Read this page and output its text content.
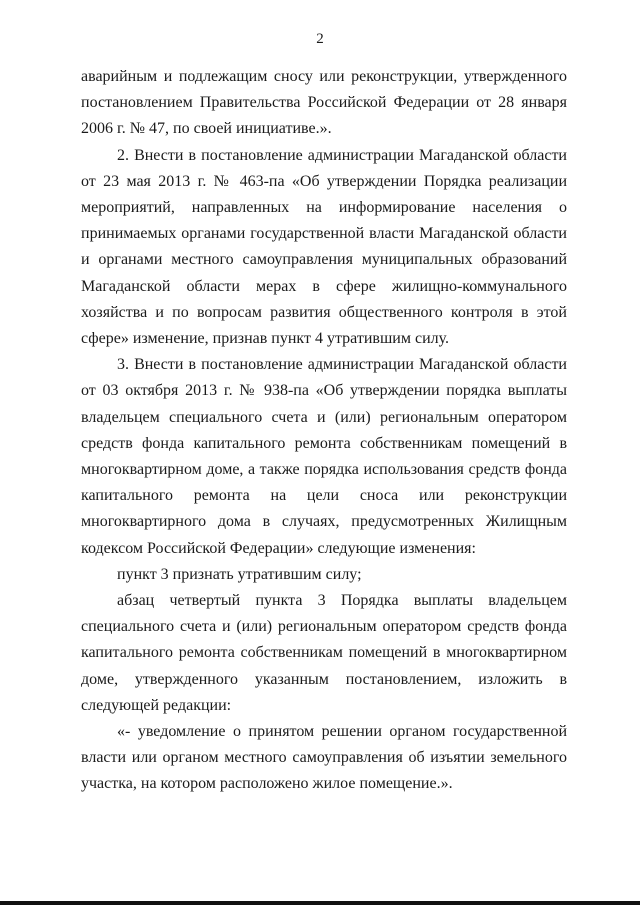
2

аварийным и подлежащим сносу или реконструкции, утвержденного постановлением Правительства Российской Федерации от 28 января 2006 г. № 47, по своей инициативе.».

2. Внести в постановление администрации Магаданской области от 23 мая 2013 г. № 463-па «Об утверждении Порядка реализации мероприятий, направленных на информирование населения о принимаемых органами государственной власти Магаданской области и органами местного самоуправления муниципальных образований Магаданской области мерах в сфере жилищно-коммунального хозяйства и по вопросам развития общественного контроля в этой сфере» изменение, признав пункт 4 утратившим силу.

3. Внести в постановление администрации Магаданской области от 03 октября 2013 г. № 938-па «Об утверждении порядка выплаты владельцем специального счета и (или) региональным оператором средств фонда капитального ремонта собственникам помещений в многоквартирном доме, а также порядка использования средств фонда капитального ремонта на цели сноса или реконструкции многоквартирного дома в случаях, предусмотренных Жилищным кодексом Российской Федерации» следующие изменения:

пункт 3 признать утратившим силу;

абзац четвертый пункта 3 Порядка выплаты владельцем специального счета и (или) региональным оператором средств фонда капитального ремонта собственникам помещений в многоквартирном доме, утвержденного указанным постановлением, изложить в следующей редакции:

«- уведомление о принятом решении органом государственной власти или органом местного самоуправления об изъятии земельного участка, на котором расположено жилое помещение.».
